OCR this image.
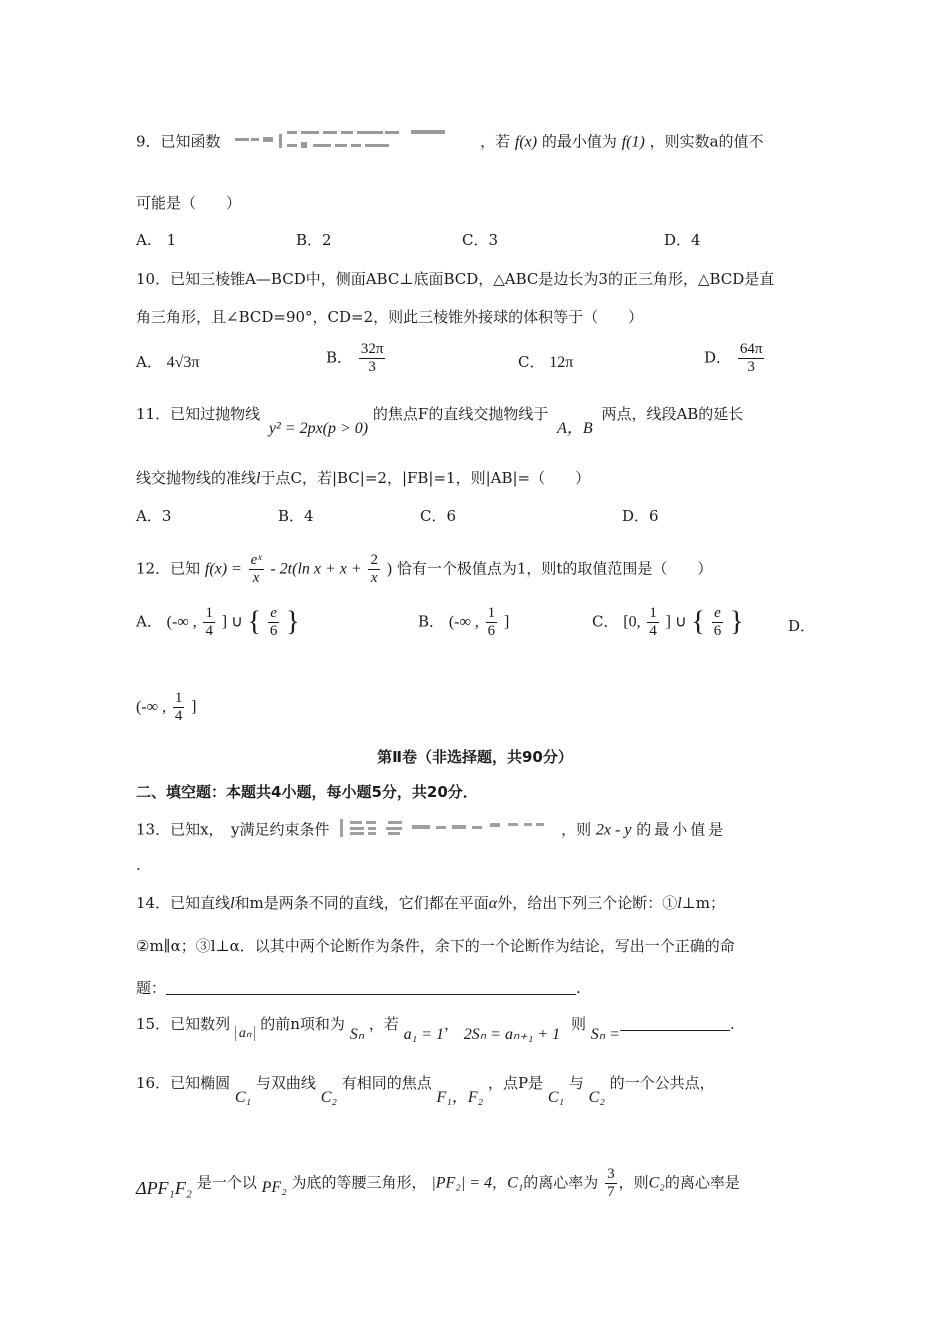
9．已知函数	，若 f(x) 的最小值为 f(1) ，则实数a的值不
可能是（　　）
A.　1	B．2	C．3	D．4
10．已知三棱锥A—BCD中，侧面ABC⊥底面BCD，△ABC是边长为3的正三角形，△BCD是直
角三角形，且∠BCD=90°，CD=2，则此三棱锥外接球的体积等于（　　）
A． 4√3π	B． $\frac{32\pi}{3}$	C． 12π	D． $\frac{64\pi}{3}$
11．已知过抛物线 y² = 2px(p > 0) 的焦点F的直线交抛物线于 A，B 两点，线段AB的延长
线交抛物线的准线l于点C，若|BC|=2，|FB|=1，则|AB|=（　　）
A．3	B．4	C．6	D．6
12．已知 $f(x) = \frac{\text{eˣ}}{x} - 2t(\ln$ $x + x + \frac{2}{x}$ ) 恰有一个极值点为1，则t的取值范围是（　　）
A． (-∞ , $\frac{1}{4}$ ] ∪ { $\frac{e}{6}$ }	B． (-∞ , $\frac{1}{6}$ ]	C． [0, $\frac{1}{4}$ ] ∪ { $\frac{e}{6}$ }	D．
(-∞ , $\frac{1}{4}$ ]
第Ⅱ卷（非选择题，共90分）
二、填空题：本题共4小题，每小题5分，共20分．
13．已知x，　y满足约束条件	，则 2x - y 的最小值是
.
14．已知直线l和m是两条不同的直线，它们都在平面α外，给出下列三个论断：①l⊥m；
②m∥α；③l⊥α．以其中两个论断作为条件，余下的一个论断作为结论，写出一个正确的命
题：	.
15．已知数列 aₙ 的前n项和为 Sₙ ，若 a₁ = 1， 2Sₙ = aₙ₊₁ + 1 则 Sₙ =.
16．已知椭圆 C₁ 与双曲线 C₂ 有相同的焦点 F₁，F₂ ，点P是 C₁ 与 C₂ 的一个公共点，
ΔPF₁F₂ 是一个以 PF₂ 为底的等腰三角形， |PF₂| = 4，C₁的离心率为 $\frac{3}{7}$ ，则C₂的离心率是
